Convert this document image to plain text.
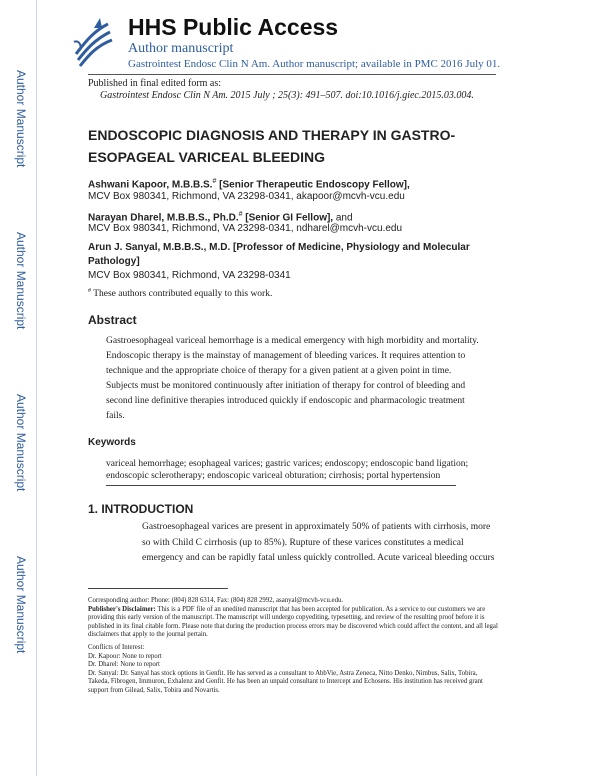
Author Manuscript
Author Manuscript
Author Manuscript
Author Manuscript
HHS Public Access
Author manuscript
Gastrointest Endosc Clin N Am. Author manuscript; available in PMC 2016 July 01.
Published in final edited form as:
Gastrointest Endosc Clin N Am. 2015 July ; 25(3): 491–507. doi:10.1016/j.giec.2015.03.004.
ENDOSCOPIC DIAGNOSIS AND THERAPY IN GASTRO-
ESOPAGEAL VARICEAL BLEEDING
Ashwani Kapoor, M.B.B.S.# [Senior Therapeutic Endoscopy Fellow],
MCV Box 980341, Richmond, VA 23298-0341, akapoor@mcvh-vcu.edu
Narayan Dharel, M.B.B.S., Ph.D.# [Senior GI Fellow], and
MCV Box 980341, Richmond, VA 23298-0341, ndharel@mcvh-vcu.edu
Arun J. Sanyal, M.B.B.S., M.D. [Professor of Medicine, Physiology and Molecular
Pathology]
MCV Box 980341, Richmond, VA 23298-0341
# These authors contributed equally to this work.
Abstract
Gastroesophageal variceal hemorrhage is a medical emergency with high morbidity and mortality.
Endoscopic therapy is the mainstay of management of bleeding varices. It requires attention to
technique and the appropriate choice of therapy for a given patient at a given point in time.
Subjects must be monitored continuously after initiation of therapy for control of bleeding and
second line definitive therapies introduced quickly if endoscopic and pharmacologic treatment
fails.
Keywords
variceal hemorrhage; esophageal varices; gastric varices; endoscopy; endoscopic band ligation;
endoscopic sclerotherapy; endoscopic variceal obturation; cirrhosis; portal hypertension
1. INTRODUCTION
Gastroesophageal varices are present in approximately 50% of patients with cirrhosis, more
so with Child C cirrhosis (up to 85%). Rupture of these varices constitutes a medical
emergency and can be rapidly fatal unless quickly controlled. Acute variceal bleeding occurs

Corresponding author: Phone: (804) 828 6314, Fax: (804) 828 2992, asanyal@mcvh-vcu.edu.

Publisher's Disclaimer: This is a PDF file of an unedited manuscript that has been accepted for publication. As a service to our customers we are providing this early version of the manuscript. The manuscript will undergo copyediting, typesetting, and review of the resulting proof before it is published in its final citable form. Please note that during the production process errors may be discovered which could affect the content, and all legal disclaimers that apply to the journal pertain.

Conflicts of Interest:

Dr. Kapoor: None to report

Dr. Dharel: None to report

Dr. Sanyal: Dr. Sanyal has stock options in Genfit. He has served as a consultant to AbbVie, Astra Zeneca, Nitto Denko, Nimbus, Salix, Tobira, Takeda, Fibrogen, Immuron, Exhalenz and Genfit. He has been an unpaid consultant to Intercept and Echosens. His institution has received grant support from Gilead, Salix, Tobira and Novartis.
